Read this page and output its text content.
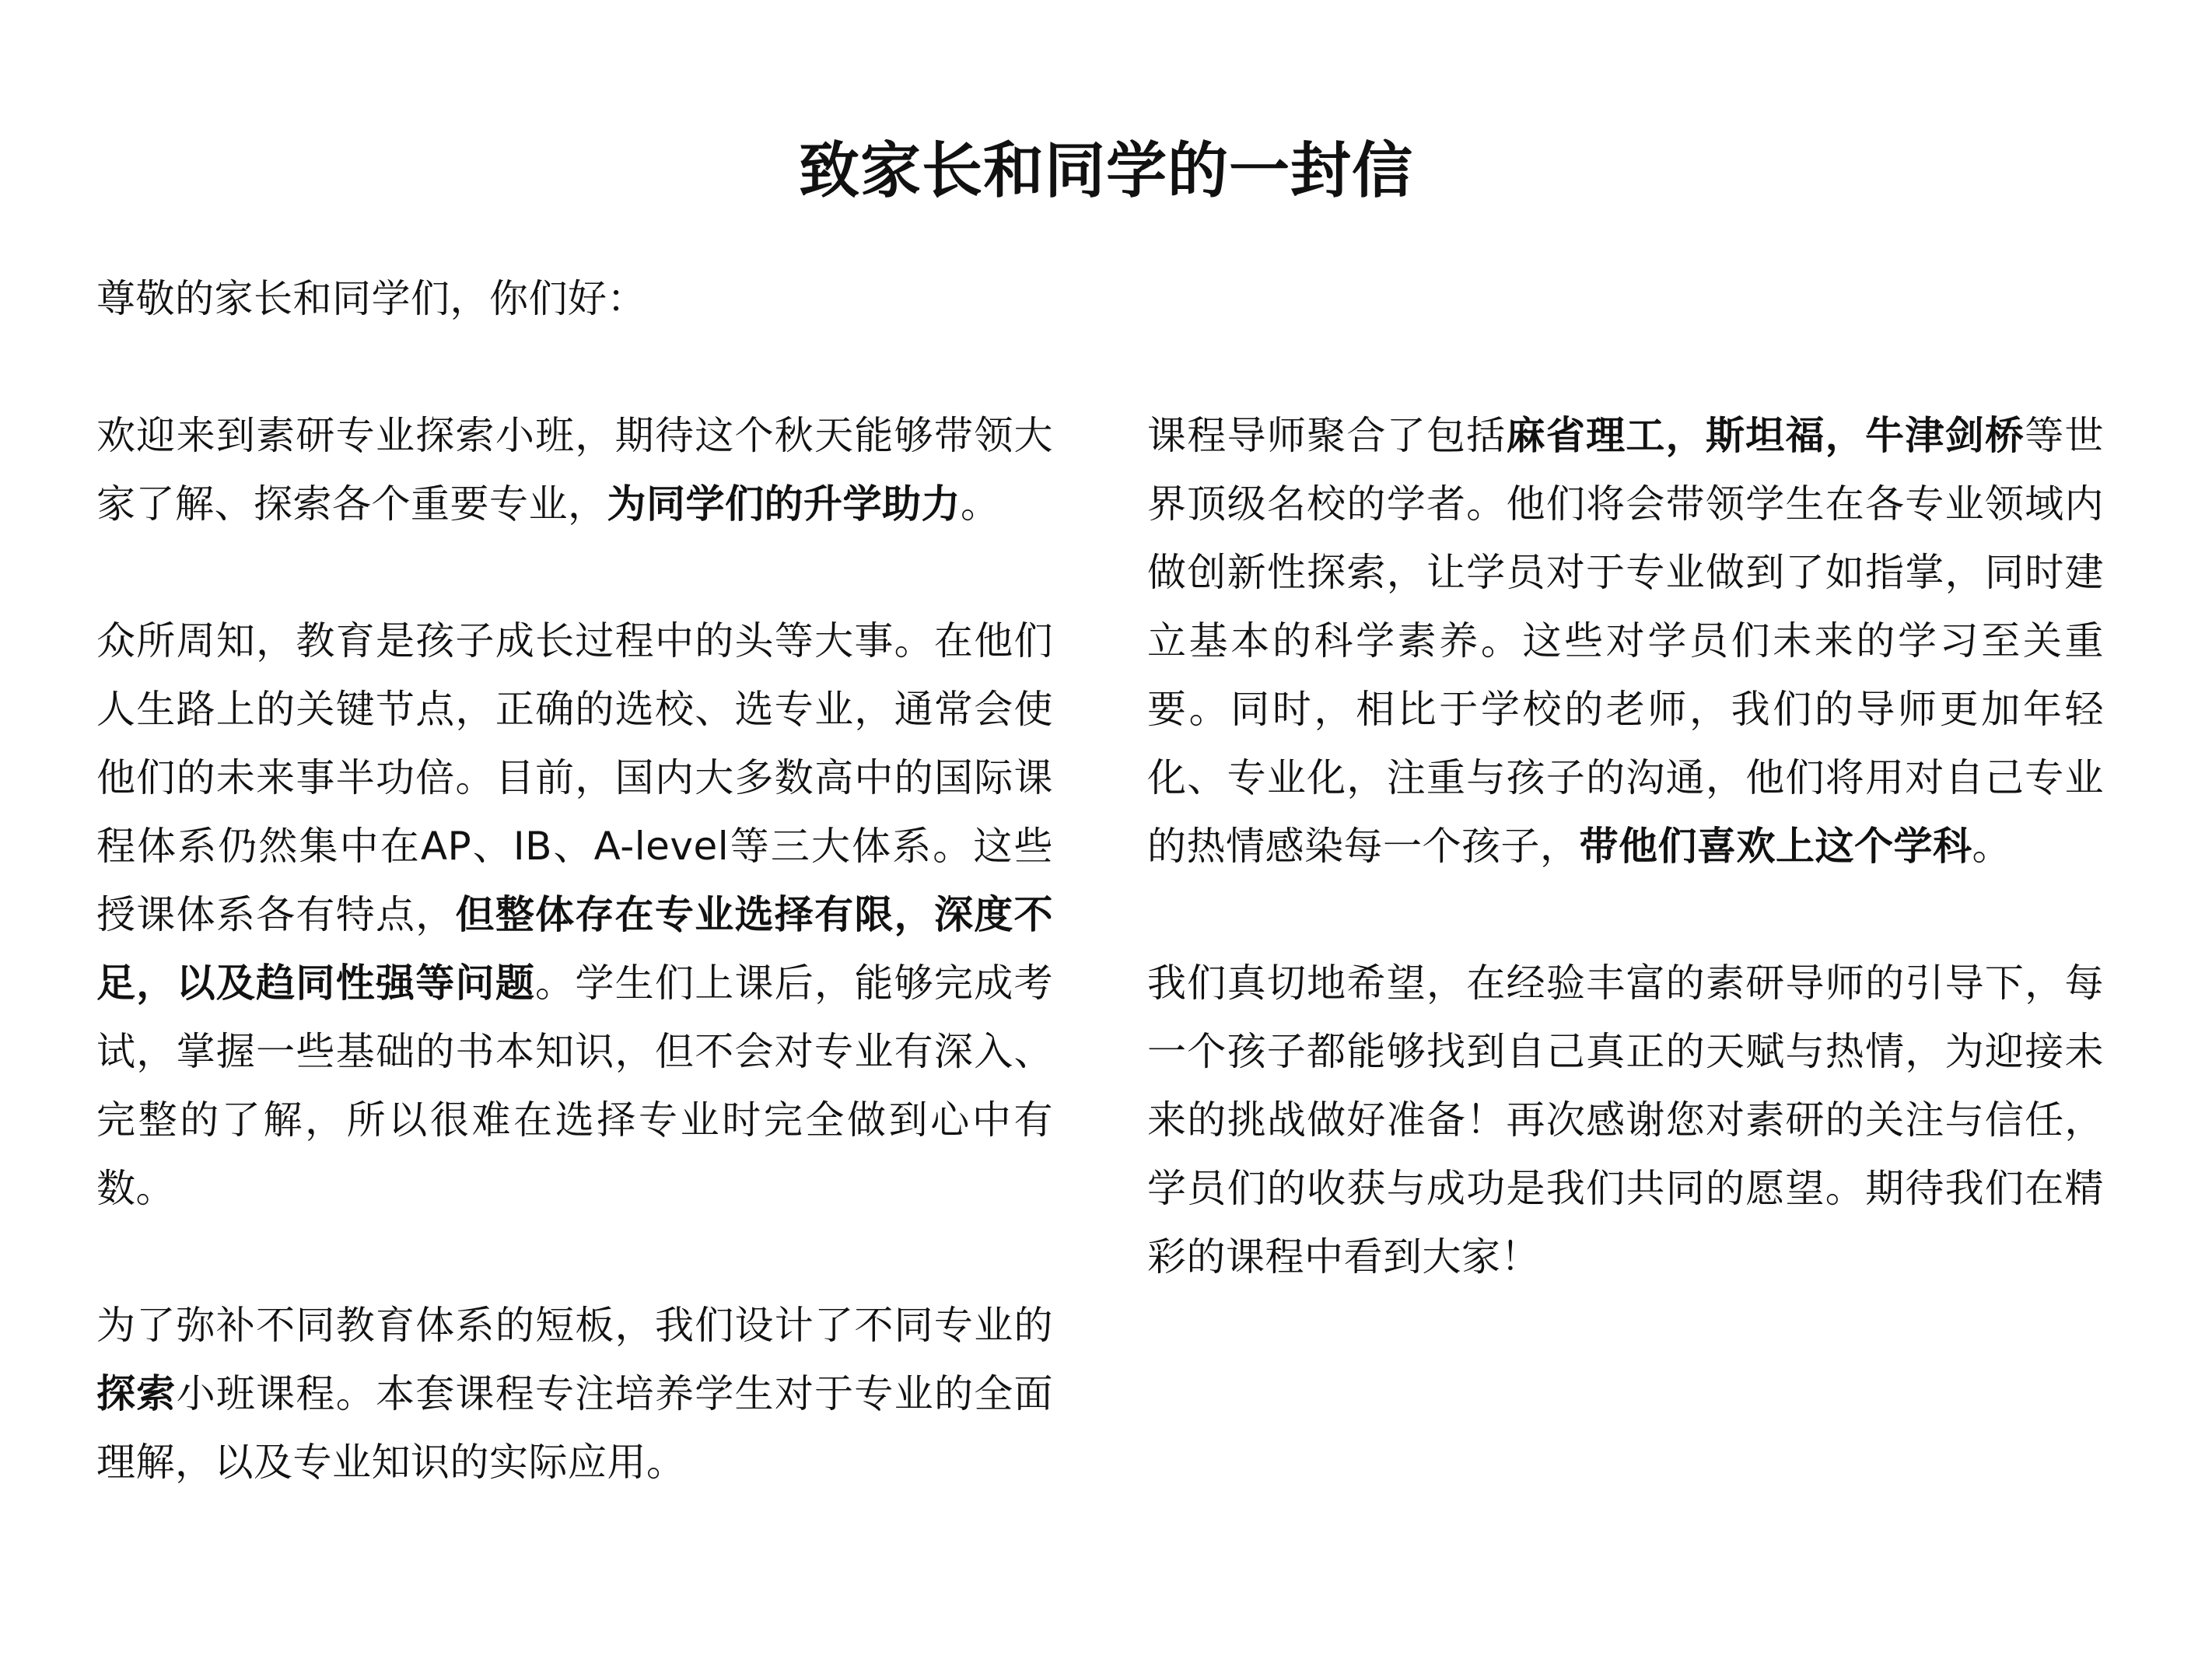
致家长和同学的一封信

尊敬的家长和同学们，你们好：

欢迎来到素研专业探索小班，期待这个秋天能够带领大家了解、探索各个重要专业，为同学们的升学助力。

众所周知，教育是孩子成长过程中的头等大事。在他们人生路上的关键节点，正确的选校、选专业，通常会使他们的未来事半功倍。目前，国内大多数高中的国际课程体系仍然集中在AP、IB、A-level等三大体系。这些授课体系各有特点，但整体存在专业选择有限，深度不足，以及趋同性强等问题。学生们上课后，能够完成考试，掌握一些基础的书本知识，但不会对专业有深入、完整的了解，所以很难在选择专业时完全做到心中有数。

为了弥补不同教育体系的短板，我们设计了不同专业的探索小班课程。本套课程专注培养学生对于专业的全面理解，以及专业知识的实际应用。

课程导师聚合了包括麻省理工，斯坦福，牛津剑桥等世界顶级名校的学者。他们将会带领学生在各专业领域内做创新性探索，让学员对于专业做到了如指掌，同时建立基本的科学素养。这些对学员们未来的学习至关重要。同时，相比于学校的老师，我们的导师更加年轻化、专业化，注重与孩子的沟通，他们将用对自己专业的热情感染每一个孩子，带他们喜欢上这个学科。

我们真切地希望，在经验丰富的素研导师的引导下，每一个孩子都能够找到自己真正的天赋与热情，为迎接未来的挑战做好准备！再次感谢您对素研的关注与信任，学员们的收获与成功是我们共同的愿望。期待我们在精彩的课程中看到大家！
